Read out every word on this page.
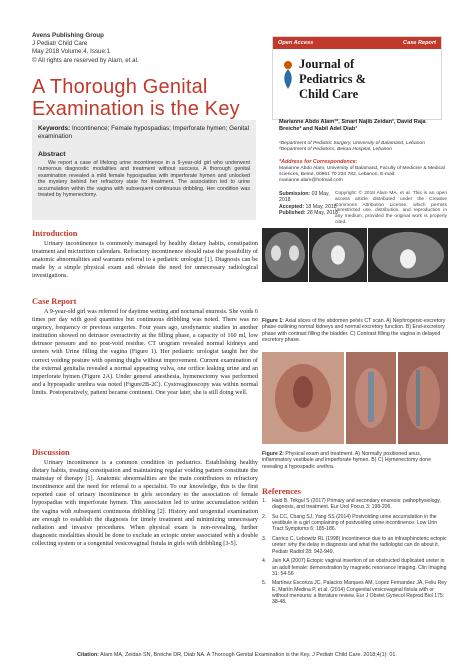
Avens Publishing Group
J Pediatr Child Care
May 2018 Volume:4, Issue:1
© All rights are reserved by Alam, et al.
Open Access	Case Report
Journal of
Pediatrics &
Child Care
A Thorough Genital Examination is the Key
Keywords: Incontinence; Female hypospadias; Imperforate hymen; Genital examination
Abstract
We report a case of lifelong urine incontinence in a 9-year-old girl who underwent numerous diagnostic modalities and treatment without success. A thorough genital examination revealed a mild female hypospadias with imperforate hymen and unlocked the mystery behind her refractory state for treatment. The association led to urine accumulation within the vagina with subsequent continuous dribbling. Her condition was treated by hymenectomy.
Marianne Abdo Alam¹*, Smart Najib Zeidan¹, David Raja Breiche² and Nabil Adel Diab¹
¹Department of Pediatric Surgery, University of Balamand, Lebanon
²Department of Pediatrics, Bekaa Hospital, Lebanon
*Address for Correspondence:
Marianne Abdo Alam, University of Balamand, Faculty of Medicine & Medical sciences, Beirut, 00961 70 234 782, Lebanon, E-mail: marianne.alam@hotmail.com
Submission: 03 May, 2018
Accepted: 18 May, 2018
Published: 28 May, 2018
Copyright: © 2018 Alam MA, et al. This is an open access article distributed under the Creative Commons Attribution License, which permits unrestricted use, distribution, and reproduction in any medium, provided the original work is properly cited.
Introduction
Urinary incontinence is commonly managed by healthy dietary habits, constipation treatment and micturition calendars. Refractory incontinence should raise the possibility of anatomic abnormalities and warrants referral to a pediatric urologist [1]. Diagnosis can be made by a simple physical exam and obviate the need for unnecessary radiological investigations.
Case Report
A 9-year-old girl was referred for daytime wetting and nocturnal enuresis. She voids 6 times per day with good quantities but continuous dribbling was noted. There was no urgency, frequency or previous surgeries. Four years ago, urodynamic studies in another institution showed no detrusor overactivity at the filling phase, a capacity of 160 ml, low detrusor pressure and no post-void residue. CT urogram revealed normal kidneys and ureters with Urine filling the vagina (Figure 1). Her pediatric urologist taught her the correct voiding posture with opening thighs without improvement. Current examination of the external genitalia revealed a normal appearing vulva, one orifice leaking urine and an imperforate hymen (Figure 2A). Under general anesthesia, hymenectomy was performed and a hypospadic urethra was noted (Figure2B-2C). Cystovaginoscopy was within normal limits. Postoperatively, patient became continent. One year later, she is still doing well.
Discussion
Urinary incontinence is a common condition in pediatrics. Establishing healthy dietary habits, treating constipation and maintaining regular voiding pattern constitute the mainstay of therapy [1]. Anatomic abnormalities are the main contributors to refractory incontinence and the need for referral to a specialist. To our knowledge, this is the first reported case of urinary incontinence in girls secondary to the association of female hypospadias with imperforate hymen. This association led to urine accumulation within the vagina with subsequent continuous dribbling [2]. History and urogenital examination are enough to establish the diagnosis for timely treatment and minimizing unnecessary radiation and invasive procedures. When physical exam is non-revealing, further diagnostic modalities should be done to exclude an ectopic ureter associated with a double collecting system or a congenital vesicovaginal fistula in girls with dribbling [3-5].
Figure 1: Axial slices of the abdomen pelvis CT scan. A) Nephrogenic-excretory phase outlining normal kidneys and normal excretory function. B) End-excretory phase with contrast filling the bladder. C) Contrast filling the vagina in delayed excretory phase.
Figure 2: Physical exam and treatment. A) Normally positioned anus, inflammatory vestibule and imperforate hymen. B) C) Hymenectomy done revealing a hypospadic urethra.
References
1.	Haid B, Tekgul S (2017) Primary and secondary enuresis: pathophysiology, diagnosis, and treatment. Eur Urol Focus 3: 198-206.
2.	Su CC, Chang SJ, Yang SS (2014) Postvoiding urine accumulation in the vestibule in a girl complaining of postvoiding urine incontinence. Low Urin Tract Symptoms 6: 185-186.
3.	Carrico C, Lebowitz RL (1998) Incontinence due to an infrasphincteric ectopic ureter: why the delay in diagnosis and what the radiologist can do about it. Pediatr Radiol 28: 942-949.
4.	Jain KA (2007) Ectopic vaginal insertion of an obstructed duplicated ureter in an adult female: demonstration by magnetic resonance imaging. Clin Imaging 31: 54-56
5.	Martínez Escoriza JC, Palacios Marques AM, Lopez Fernandez JA, Feliu Rey E, Martín Medina P, et al. (2014) Congenital vesicovaginal fistula with or without menouria: a literature review. Eur J Obstet Gynecol Reprod Biol 175: 38-48.
Citation: Alam MA, Zeidan SN, Breiche DR, Diab NA. A Thorough Genital Examination is the Key. J Pediatr Child Care. 2018;4(1): 01.
